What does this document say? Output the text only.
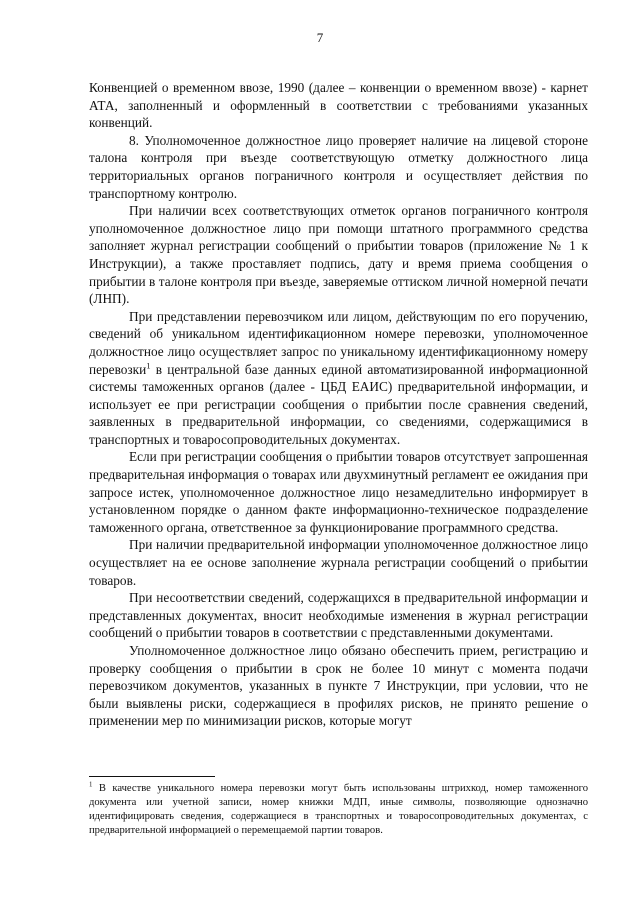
7

Конвенцией о временном ввозе, 1990 (далее – конвенции о временном ввозе) - карнет АТА, заполненный и оформленный в соответствии с требованиями указанных конвенций.

8. Уполномоченное должностное лицо проверяет наличие на лицевой стороне талона контроля при въезде соответствующую отметку должностного лица территориальных органов пограничного контроля и осуществляет действия по транспортному контролю.

При наличии всех соответствующих отметок органов пограничного контроля уполномоченное должностное лицо при помощи штатного программного средства заполняет журнал регистрации сообщений о прибытии товаров (приложение № 1 к Инструкции), а также проставляет подпись, дату и время приема сообщения о прибытии в талоне контроля при въезде, заверяемые оттиском личной номерной печати (ЛНП).

При представлении перевозчиком или лицом, действующим по его поручению, сведений об уникальном идентификационном номере перевозки, уполномоченное должностное лицо осуществляет запрос по уникальному идентификационному номеру перевозки$^1$ в центральной базе данных единой автоматизированной информационной системы таможенных органов (далее - ЦБД ЕАИС) предварительной информации, и использует ее при регистрации сообщения о прибытии после сравнения сведений, заявленных в предварительной информации, со сведениями, содержащимися в транспортных и товаросопроводительных документах.

Если при регистрации сообщения о прибытии товаров отсутствует запрошенная предварительная информация о товарах или двухминутный регламент ее ожидания при запросе истек, уполномоченное должностное лицо незамедлительно информирует в установленном порядке о данном факте информационно-техническое подразделение таможенного органа, ответственное за функционирование программного средства.

При наличии предварительной информации уполномоченное должностное лицо осуществляет на ее основе заполнение журнала регистрации сообщений о прибытии товаров.

При несоответствии сведений, содержащихся в предварительной информации и представленных документах, вносит необходимые изменения в журнал регистрации сообщений о прибытии товаров в соответствии с представленными документами.

Уполномоченное должностное лицо обязано обеспечить прием, регистрацию и проверку сообщения о прибытии в срок не более 10 минут с момента подачи перевозчиком документов, указанных в пункте 7 Инструкции, при условии, что не были выявлены риски, содержащиеся в профилях рисков, не принято решение о применении мер по минимизации рисков, которые могут

$^1$ В качестве уникального номера перевозки могут быть использованы штрихкод, номер таможенного документа или учетной записи, номер книжки МДП, иные символы, позволяющие однозначно идентифицировать сведения, содержащиеся в транспортных и товаросопроводительных документах, с предварительной информацией о перемещаемой партии товаров.
